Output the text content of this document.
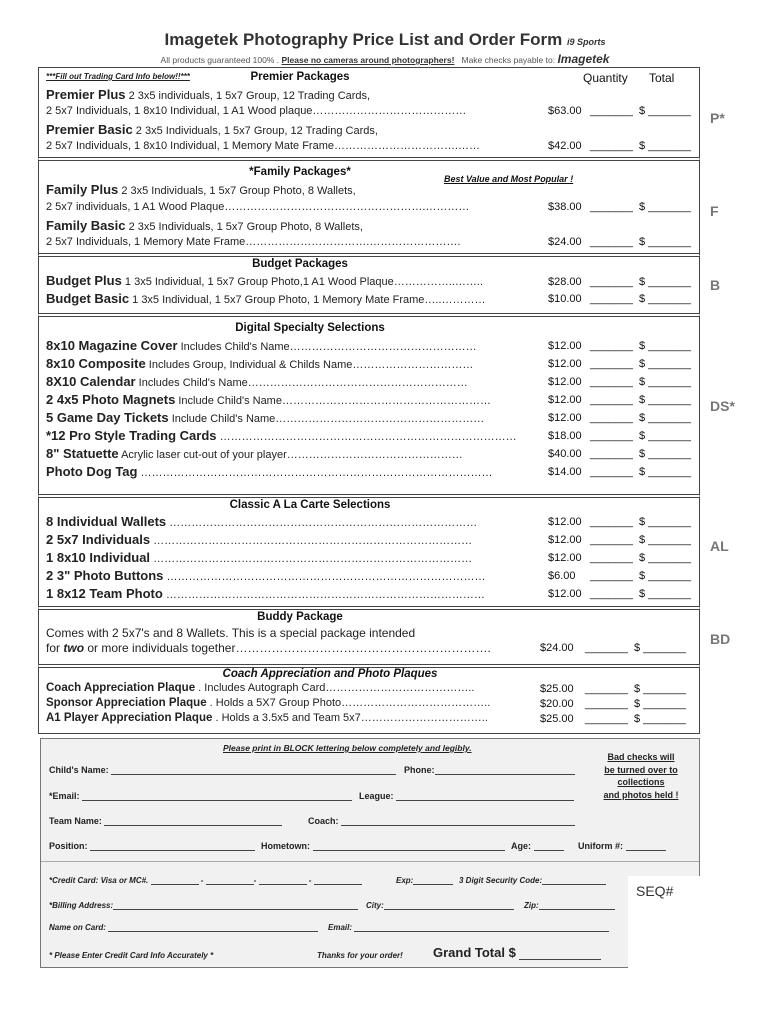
Imagetek Photography Price List and Order Form i9 Sports
All products guaranteed 100% . Please no cameras around photographers! Make checks payable to: Imagetek
***Fill out Trading Card Info below!!***	Premier Packages	Quantity Total
Premier Plus 2 3x5 individuals, 1 5x7 Group, 12 Trading Cards,
2 5x7 Individuals, 1 8x10 Individual, 1 A1 Wood plaque……………………………………	$63.00 _______ $ _______
Premier Basic 2 3x5 Individuals, 1 5x7 Group, 12 Trading Cards,
2 5x7 Individuals, 1 8x10 Individual, 1 Memory Mate Frame…………………………….……	$42.00 _______ $ _______
P*
*Family Packages*
Best Value and Most Popular !
Family Plus 2 3x5 Individuals, 1 5x7 Group Photo, 8 Wallets,
2 5x7 individuals, 1 A1 Wood Plaque……………………………………………….…………	$38.00 _______ $ _______
Family Basic 2 3x5 Individuals, 1 5x7 Group Photo, 8 Wallets,
2 5x7 Individuals, 1 Memory Mate Frame…………………………….…………………….	$24.00 _______ $ _______
F
Budget Packages
Budget Plus 1 3x5 Individual, 1 5x7 Group Photo,1 A1 Wood Plaque……………..……..	$28.00 _______ $ _______
Budget Basic 1 3x5 Individual, 1 5x7 Group Photo, 1 Memory Mate Frame…..…………	$10.00 _______ $ _______
B
Digital Specialty Selections
8x10 Magazine Cover Includes Child's Name……………………………………………	$12.00 _______ $ _______
8x10 Composite Includes Group, Individual & Childs Name……………………………	$12.00 _______ $ _______
8X10 Calendar Includes Child's Name……………………………………………………	$12.00 _______ $ _______
2 4x5 Photo Magnets Include Child's Name…………………………………………………	$12.00 _______ $ _______
5 Game Day Tickets Include Child's Name…………………………………………………	$12.00 _______ $ _______
*12 Pro Style Trading Cards ………………………………………………………………………	$18.00 _______ $ _______
8" Statuette Acrylic laser cut-out of your player…………………………………………	$40.00 _______ $ _______
Photo Dog Tag ……………………………………………………………………………………	$14.00 _______ $ _______
DS*
Classic A La Carte Selections
8 Individual Wallets …………………………………………………………………………	$12.00 _______ $ _______
2 5x7 Individuals ……………………………………………………………………………	$12.00 _______ $ _______
1 8x10 Individual ……………………………………………………………………………	$12.00 _______ $ _______
2 3" Photo Buttons ……………………………………………………………………………	$6.00 _______ $ _______
1 8x12 Team Photo ……………………………………………………………………………	$12.00 _______ $ _______
AL
Buddy Package
Comes with 2 5x7's and 8 Wallets. This is a special package intended
for two or more individuals together……………………………………………………….	$24.00 _______ $ _______
BD
Coach Appreciation and Photo Plaques
Coach Appreciation Plaque . Includes Autograph Card…………………………………..	$25.00 _______ $ _______
Sponsor Appreciation Plaque . Holds a 5X7 Group Photo…………………………………..	$20.00 _______ $ _______
A1 Player Appreciation Plaque . Holds a 3.5x5 and Team 5x7……………………………..	$25.00 _______ $ _______
Please print in BLOCK lettering below completely and legibly.
Bad checks will
be turned over to
collections
and photos held !
Child's Name:	Phone:
*Email:	League:
Team Name:	Coach:
Position:	Hometown:	Age:	Uniform #:
*Credit Card: Visa or MC#.	-	-	-	Exp:	3 Digit Security Code:
*Billing Address:	City:	Zip:
Name on Card:	Email:
* Please Enter Credit Card Info Accurately *	Thanks for your order! Grand Total $
SEQ#
